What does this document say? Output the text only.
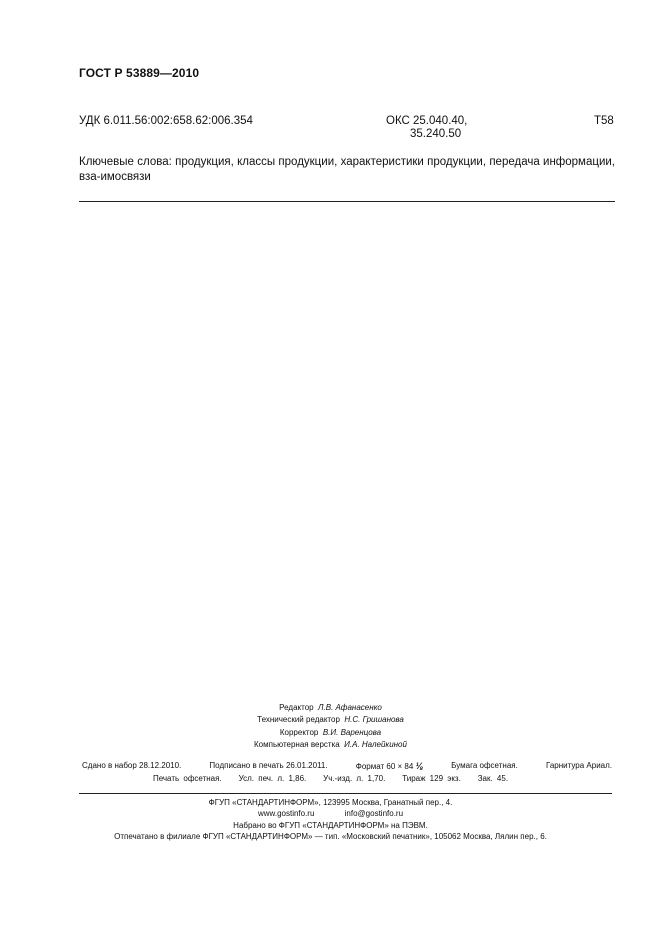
ГОСТ Р 53889—2010
УДК 6.011.56:002:658.62:006.354	ОКС 25.040.40,
35.240.50
Т58
Ключевые слова: продукция, классы продукции, характеристики продукции, передача информации, вза-имосвязи
Редактор Л.В. Афанасенко
Технический редактор Н.С. Гришанова
Корректор В.И. Варенцова
Компьютерная верстка И.А. Налейкиной
Сдано в набор 28.12.2010.	Подписано в печать 26.01.2011.	Формат 60 × 84 ⅛	Бумага офсетная.	Гарнитура Ариал.
Печать офсетная. Усл. печ. л. 1,86. Уч.-изд. л. 1,70. Тираж 129 экз. Зак. 45.
ФГУП «СТАНДАРТИНФОРМ», 123995 Москва, Гранатный пер., 4.
www.gostinfo.ru	info@gostinfo.ru
Набрано во ФГУП «СТАНДАРТИНФОРМ» на ПЭВМ.
Отпечатано в филиале ФГУП «СТАНДАРТИНФОРМ» — тип. «Московский печатник», 105062 Москва, Лялин пер., 6.
